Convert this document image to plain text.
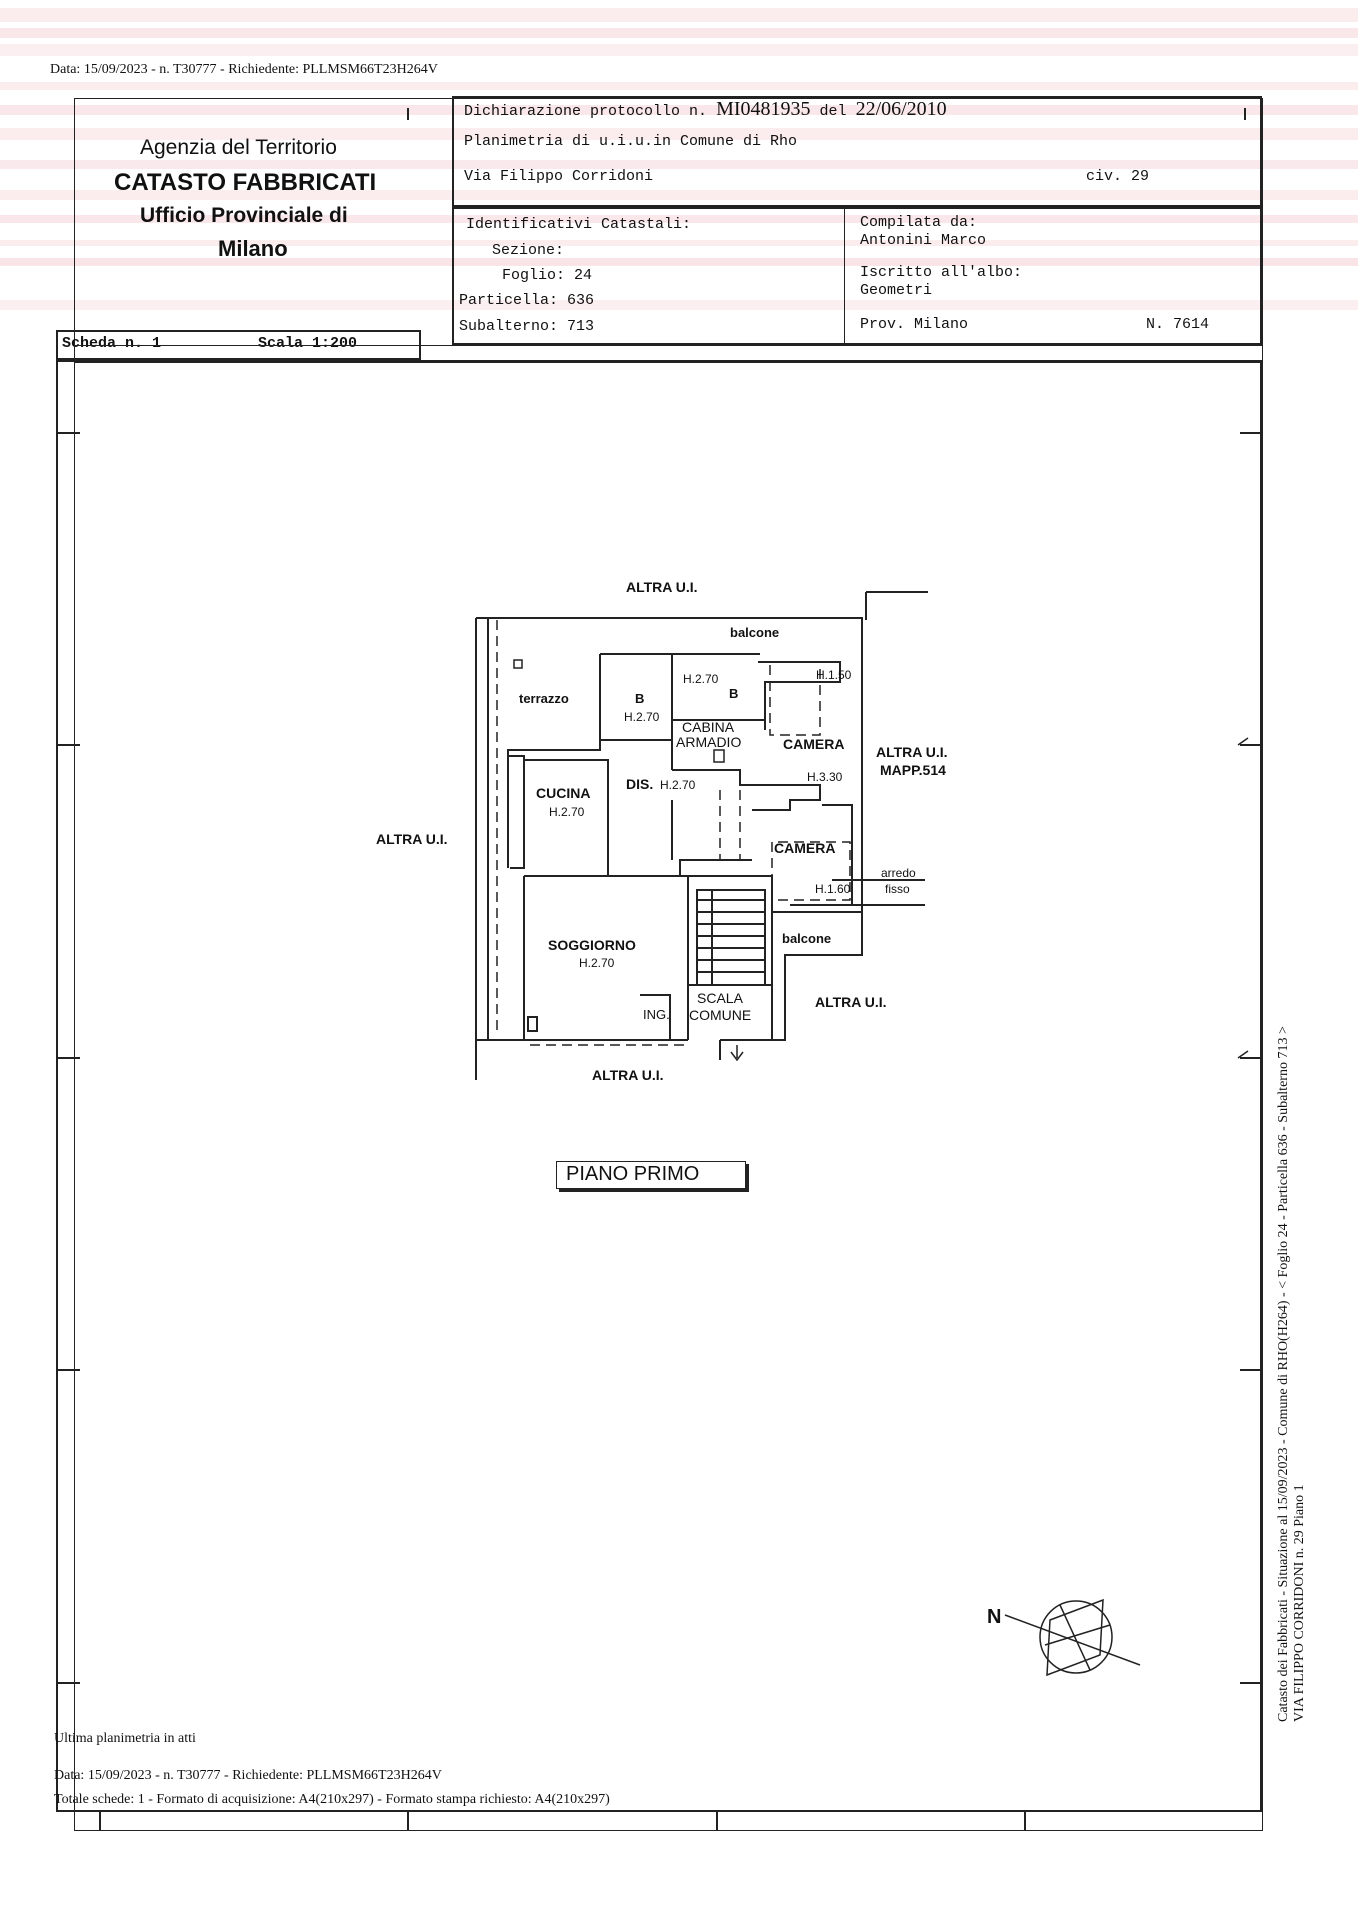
Data: 15/09/2023 - n. T30777 - Richiedente: PLLMSM66T23H264V
Agenzia del Territorio
CATASTO FABBRICATI
Ufficio Provinciale di
Milano
Dichiarazione protocollo n. MI0481935 del 22/06/2010
Planimetria di u.i.u.in Comune di Rho
Via Filippo Corridoni	civ. 29
Identificativi Catastali:
Sezione:
Foglio: 24
Particella: 636
Subalterno: 713
Compilata da:
Antonini Marco
Iscritto all'albo:
Geometri
Prov. Milano	N. 7614
Scheda n. 1	Scala 1:200
ALTRA U.I.
terrazzo	B
H.2.70
H.2.70
B
balcone
H.1.50
CABINA
ARMADIO	CAMERA
H.3.30
ALTRA U.I.
MAPP.514
CUCINA
H.2.70
DIS. H.2.70
CAMERA
H.1.60
arredo
fisso
balcone
ALTRA U.I.
SOGGIORNO
H.2.70
ING.
SCALA
COMUNE
ALTRA U.I.
ALTRA U.I.
PIANO PRIMO
N
Ultima planimetria in atti
Data: 15/09/2023 - n. T30777 - Richiedente: PLLMSM66T23H264V
Totale schede: 1 - Formato di acquisizione: A4(210x297) - Formato stampa richiesto: A4(210x297)
Catasto dei Fabbricati - Situazione al 15/09/2023 - Comune di RHO(H264) - < Foglio 24 - Particella 636 - Subalterno 713 > VIA FILIPPO CORRIDONI n. 29 Piano 1
